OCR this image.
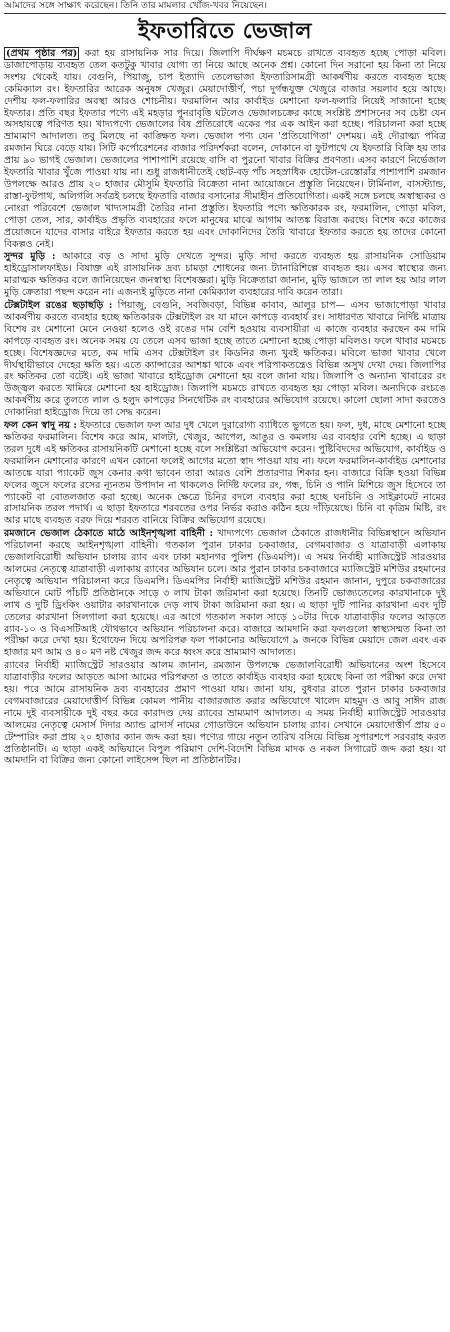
আমাদের সঙ্গে সাক্ষাৎ করেছেন। তিনি তার মামলার খোঁজ-খবর নিয়েছেন।
ইফতারিতে ভেজাল

(প্রথম পৃষ্ঠার পর) করা হয় রাসায়নিক সার দিয়ে। জিলাপি দীর্ঘক্ষণ মচমচে রাখতে ব্যবহৃত হচ্ছে পোড়া মবিল। ডাজাপোড়ায় ব্যবহৃত তেল কতটুকু খাবার যোগ্য তা নিয়ে আছে অনেক প্রশ্ন। কোনো দিন সরানো হয় কিনা তা নিয়ে সংশয় থেকেই যায়। বেগুনি, পিয়াজু, চাপ ইত্যাদি তেলেভাজা ইফতারিসামগ্রী আকর্ষণীয় করতে ব্যবহৃত হচ্ছে কেমিক্যাল রং। ইফতারির আরেক অনুষঙ্গ খেজুর। মেয়াদোত্তীর্ণ, পচা দুর্গন্ধযুক্ত খেজুরে বাজার সয়লাব হয়ে আছে। দেশীয় ফল-ফলারির অবস্থা আরও শোচনীয়। ফরমালিন আর কার্বাইড মেশানো ফল-ফলারি নিয়েই সাজানো হচ্ছে ইফতার। প্রতি বছর ইফতার পণ্যে এই মহড়ার পুনরাবৃত্তি ঘটলেও ভেজালচক্রের কাছে সংশ্লিষ্ট প্রশাসনের সব চেষ্টা যেন অসহায়ত্বে পরিণত হয়। খাদ্যপণ্যে ভেজালের বিষ প্রতিরোধে একের পর এক আইন করা হচ্ছে। পরিচালনা করা হচ্ছে ভ্রাম্যমাণ আদালত। তবু মিলছে না কাঙ্ক্ষিত ফল। ভেজাল পণ্য যেন 'প্রতিযোগিতা' দেশময়। এই দৌরাত্ম্য পবিত্র রমজান ঘিরে বেড়ে যায়। সিটি কর্পোরেশনের বাজার পরিদর্শকরা বলেন, দোকানে বা ফুটপাথে যে ইফতারি বিক্রি হয় তার প্রায় ৯০ ভাগই ভেজাল। ভেজালের পাশাপাশি রয়েছে বাসি বা পুরনো খাবার বিক্রির প্রবণতা। এসব কারণে নির্ভেজাল ইফতারি খাবার খুঁজে পাওয়া যায় না। শুধু রাজধানীতেই ছোট-বড় পাঁচ সহস্রাধিক হোটেল-রেস্তোরাঁর পাশাপাশি রমজান উপলক্ষে আরও প্রায় ২০ হাজার মৌসুমি ইফতারি বিক্রেতা নানা আয়োজনে প্রস্তুতি নিয়েছেন। টার্মিনাল, বাসস্ট্যান্ড, রাস্তা-ফুটপাথ, অলিগলি সর্বত্রই চলছে ইফতারি বাজার বসানোর সীমাহীন প্রতিযোগিতা। একই সঙ্গে চলছে অস্বাস্থ্যকর ও নোংরা পরিবেশে ভেজাল খাদ্যসামগ্রী তৈরির নানা প্রস্তুতি। ইফতারি পণ্যে ক্ষতিকারক রং, ফরমালিন, পোড়া মবিল, পোড়া তেল, সার, কার্বাইড প্রভৃতি ব্যবহারের ফলে মানুষের মাঝে আগাম আতঙ্ক বিরাজ করছে। বিশেষ করে কাজের প্রয়োজনে যাদের বাসার বাইরে ইফতার করতে হয় এবং দোকানিদের তৈরি খাবারে ইফতার করতে হয় তাদের কোনো বিকল্পও নেই।

সুন্দর মুড়ি : আকারে বড় ও সাদা মুড়ি দেখতে সুন্দর। মুড়ি সাদা করতে ব্যবহৃত হয় রাসায়নিক সোডিয়াম হাইড্রোসালফাইড। বিষাক্ত এই রাসায়নিক দ্রব্য চামড়া শোধনের জন্য ট্যানারিশিল্পে ব্যবহৃত হয়। এসব স্বাস্থ্যের জন্য মারাত্মক ক্ষতিকর বলে জানিয়েছেন জনস্বাস্থ্য বিশেষজ্ঞরা। মুড়ি বিক্রেতারা জানান, মুড়ি ভাজলে তা লাল হয় আর লাল মুড়ি ক্রেতারা পছন্দ করেন না। এজন্যই মুড়িতে নানা কেমিক্যাল ব্যবহারের দাবি করেন তারা।

টেক্সটাইল রঙের ছড়াছড়ি : পিয়াজু, বেগুনি, সবজিবড়া, বিভিন্ন কাবাব, আলুর চাপ— এসব ভাজাপোড়া খাবার আকর্ষণীয় করতে ব্যবহার হচ্ছে ক্ষতিকারক টেক্সটাইল রং যা মানে কাপড়ে ব্যবহার্য রং। সাধারণত খাবারে নির্দিষ্ট মাত্রায় বিশেষ রং মেশানো মেনে নেওয়া হলেও ওই রঙের দাম বেশি হওয়ায় ব্যবসায়ীরা এ কাজে ব্যবহার করছেন কম দামি কাপড়ে ব্যবহৃত রং। অনেক সময় যে তেলে এসব ভাজা হচ্ছে তাতে মেশানো হচ্ছে পোড়া মবিলও। ফলে খাবার মচমচে হচ্ছে। বিশেষজ্ঞদের মতে, কম দামি এসব টেক্সটাইল রং কিডনির জন্য খুবই ক্ষতিকর। মবিলে ভাজা খাবার খেলে দীর্ঘস্থায়ীভাবে দেহের ক্ষতি হয়। এতে ক্যান্সারের আশঙ্কা থাকে এবং পরিপাকতন্ত্রেও বিভিন্ন অসুখ দেখা দেয়। জিলাপির রং ক্ষতিকর তো বটেই। এই ভাজা খাবারে হাইড্রোজ মেশানো হয় বলে জানা যায়। জিলাপি ও অন্যান্য খাবারের রং উজ্জ্বল করতে খামিরে মেশানো হয় হাইড্রোজ। জিলাপি মচমচে রাখতে ব্যবহৃত হয় পোড়া মবিল। অন্যদিকে রংচঙে আকর্ষণীয় করে তুলতে লাল ও হলুদ কাপড়ের সিনথেটিক রং ব্যবহারের অভিযোগ রয়েছে। কালো ছোলা সাদা করতেও দোকানিরা হাইড্রোজ দিয়ে তা সেদ্ধ করেন।

ফল কেন স্বাদু নয় : ইফতারে ভেজাল ফল আর দুধ খেলে দুরারোগ্য ব্যাধিতে ভুগতে হয়। ফল, দুধ, মাছে মেশানো হচ্ছে ক্ষতিকর ফরমালিন। বিশেষ করে আম, মালটা, খেজুর, আপেল, আঙুর ও কমলায় এর ব্যবহার বেশি হচ্ছে। এ ছাড়া তরল দুধে এই ক্ষতিকর রাসায়নিকটি মেশানো হচ্ছে বলে সংশ্লিষ্টরা অভিযোগ করেন। পুষ্টিবিদদের অভিযোগ, কার্বাইড ও ফরমালিন মেশানোর কারণে এখন কোনো ফলেই আগের মতো স্বাদ পাওয়া যায় না। ফলে ফরমালিন-কার্বাইড মেশানোর আতঙ্কে যারা প্যাকেট জুস কেনার কথা ভাবেন তারা আরও বেশি প্রতারণার শিকার হন। বাজারে বিক্রি হওয়া বিভিন্ন ফলের জুসে ফলের রসের ন্যূনতম উপাদান না থাকলেও নির্দিষ্ট ফলের রং, গন্ধ, চিনি ও পানি মিশিয়ে জুস হিসেবে তা প্যাকেট বা বোতলজাত করা হচ্ছে। অনেক ক্ষেত্রে চিনির বদলে ব্যবহার করা হচ্ছে ঘনচিনি ও সাইক্লামেট নামের রাসায়নিক তরল পদার্থ। এ ছাড়া ইফতারে শরবতের ওপর নির্ভর করাও কঠিন হয়ে দাঁড়িয়েছে। চিনি বা কৃত্রিম মিষ্টি, রং আর মাছে ব্যবহৃত বরফ দিয়ে শরবত বানিয়ে বিক্রির অভিযোগ রয়েছে।

রমজানে ভেজাল ঠেকাতে মাঠে আইনশৃঙ্খলা বাহিনী : খাদ্যপণ্যে ভেজাল ঠেকাতে রাজধানীর বিভিন্নস্থানে অভিযান পরিচালনা করছে আইনশৃঙ্খলা বাহিনী। গতকাল পুরান ঢাকার চকবাজার, বেগমবাজার ও যাত্রাবাড়ী এলাকায় ভেজালবিরোধী অভিযান চালায় র‍্যাব এবং ঢাকা মহানগর পুলিশ (ডিএমপি)। এ সময় নির্বাহী ম্যাজিস্ট্রেট সারওয়ার আলমের নেতৃত্বে যাত্রাবাড়ী এলাকায় র‍্যাবের অভিযান চলে। আর পুরান ঢাকার চকবাজারে ম্যাজিস্ট্রেট মশিউর রহমানের নেতৃত্বে অভিযান পরিচালনা করে ডিএমপি। ডিএমপির নির্বাহী ম্যাজিস্ট্রেট মশিউর রহমান জানান, দুপুরে চকবাজারের অভিযানে মোট পাঁচটি প্রতিষ্ঠানকে সাড়ে ৩ লাখ টাকা জরিমানা করা হয়েছে। তিনটি ভোজ্যতেলের কারখানাকে দুই লাখ ও দুটি ড্রিংকিং ওয়াটার কারখানাকে দেড় লাখ টাকা জরিমানা করা হয়। এ ছাড়া দুটি পানির কারখানা এবং দুটি তেলের কারখানা সিলগালা করা হয়েছে। এর আগে গতকাল সকাল সাড়ে ১০টার দিকে যাত্রাবাড়ীর ফলের আড়তে র‍্যাব-১০ ও বিএসটিআই যৌথভাবে অভিযান পরিচালনা করে। বাজারে আমদানি করা ফলগুলো স্বাস্থ্যসম্মত কিনা তা পরীক্ষা করে দেখা হয়। ইথোফেন দিয়ে অপরিপক্ব ফল পাকানোর অভিযোগে ৯ জনকে বিভিন্ন মেয়াদে জেল এবং এক হাজার মণ আম ও ৪০ মণ নষ্ট খেজুর জব্দ করে ধ্বংস করে ভ্রাম্যমাণ আদালত।

র‍্যাবের নির্বাহী ম্যাজিস্ট্রেট সারওয়ার আলম জানান, রমজান উপলক্ষে ভেজালবিরোধী অভিযানের অংশ হিসেবে যাত্রাবাড়ীর ফলের আড়তে আসা আমের পরিপক্বতা ও তাতে কার্বাইড ব্যবহার করা হয়েছে কিনা তা পরীক্ষা করে দেখা হয়। পরে আমে রাসায়নিক দ্রব্য ব্যবহারের প্রমাণ পাওয়া যায়। জানা যায়, বুধবার রাতে পুরান ঢাকার চকবাজার বেগমবাজারের মেয়াদোত্তীর্ণ বিভিন্ন কোমল পানীয় বাজারজাত করার অভিযোগে খালেদ মাহমুদ ও আবু সাঈদ রাজ নামে দুই ব্যবসায়ীকে দুই বছর করে কারাদণ্ড দেয় র‍্যাবের ভ্রাম্যমাণ আদালত। এ সময় নির্বাহী ম্যাজিস্ট্রেট সারওয়ার আলমের নেতৃত্বে মেসার্স দিদার অ্যান্ড ব্রাদার্স নামের গোডাউনে অভিযান চালায় র‍্যাব। সেখানে মেয়াদোত্তীর্ণ প্রায় ৫০ টেম্পারিং করা প্রায় ২০ হাজার ক্যান জব্দ করা হয়। পণ্যের গায়ে নতুন তারিখ বসিয়ে বিভিন্ন সুপারশপে সরবরাহ করত প্রতিষ্ঠানটি। এ ছাড়া একই অভিযানে বিপুল পরিমাণ দেশি-বিদেশি বিভিন্ন মাদক ও নকল সিগারেট জব্দ করা হয়। যা আমদানি বা বিক্রির জন্য কোনো লাইসেন্স ছিল না প্রতিষ্ঠানটির।
